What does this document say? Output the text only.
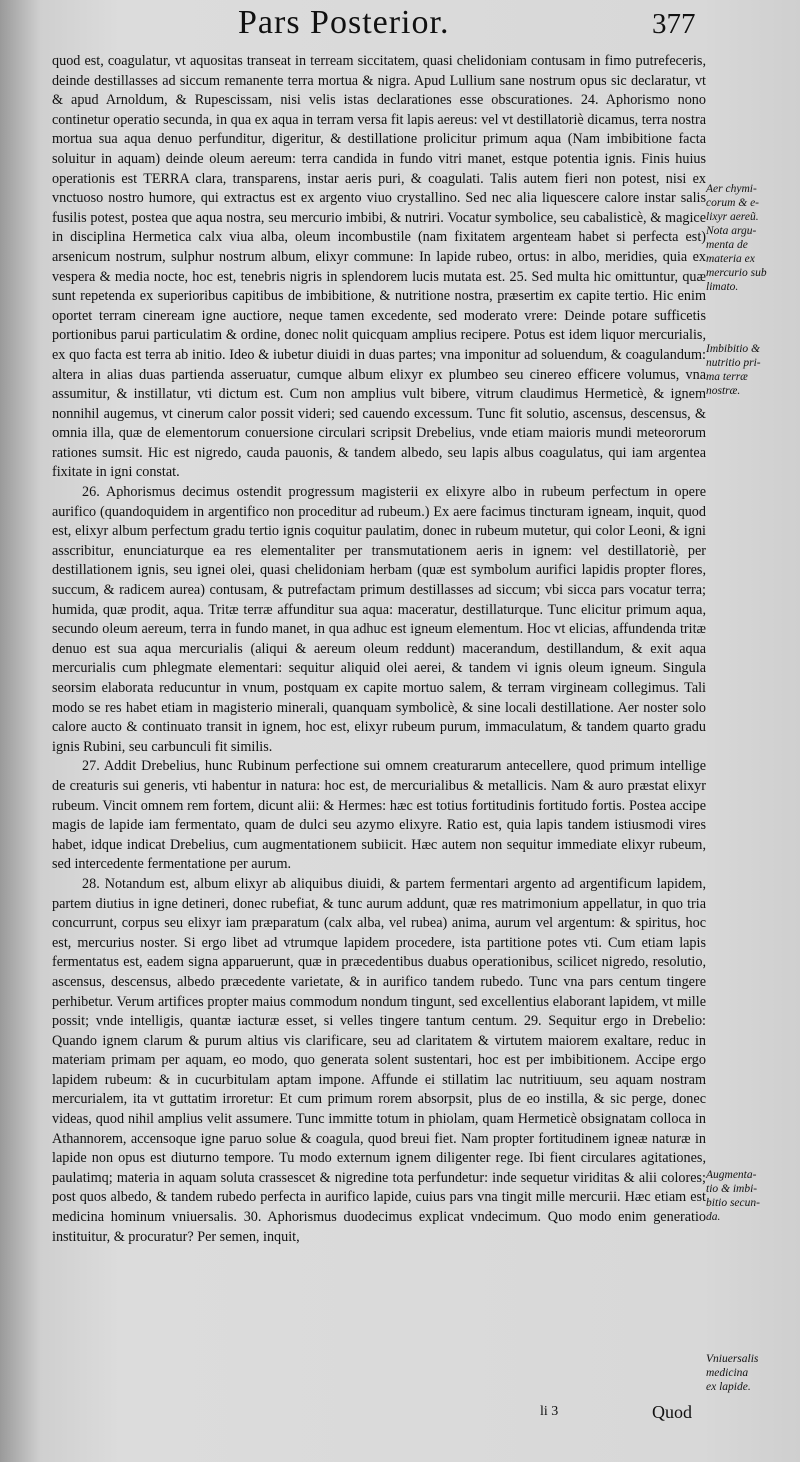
Pars Posterior.	377

quod est, coagulatur, vt aquositas transeat in terream siccitatem, quasi chelidoniam contusam in fimo putrefeceris, deinde destillasses ad siccum remanente terra mortua & nigra. Apud Lullium sane nostrum opus sic declaratur, vt & apud Arnoldum, & Rupescissam, nisi velis istas declarationes esse obscurationes. 24. Aphorismo nono continetur operatio secunda, in qua ex aqua in terram versa fit lapis aereus: vel vt destillatoriè dicamus, terra nostra mortua sua aqua denuo perfunditur, digeritur, & destillatione prolicitur primum aqua (Nam imbibitione facta soluitur in aquam) deinde oleum aereum: terra candida in fundo vitri manet, estque potentia ignis. Finis huius operationis est TERRA clara, transparens, instar aeris puri, & coagulati. Talis autem fieri non potest, nisi ex vnctuoso nostro humore, qui extractus est ex argento viuo crystallino. Sed nec alia liquescere calore instar salis fusilis potest, postea que aqua nostra, seu mercurio imbibi, & nutriri. Vocatur symbolice, seu cabalisticè, & magice in disciplina Hermetica calx viua alba, oleum incombustile (nam fixitatem argenteam habet si perfecta est) arsenicum nostrum, sulphur nostrum album, elixyr commune: In lapide rubeo, ortus: in albo, meridies, quia ex vespera & media nocte, hoc est, tenebris nigris in splendorem lucis mutata est. 25. Sed multa hic omittuntur, quæ sunt repetenda ex superioribus capitibus de imbibitione, & nutritione nostra, præsertim ex capite tertio. Hic enim oportet terram cineream igne auctiore, neque tamen excedente, sed moderato vrere: Deinde potare sufficetis portionibus parui particulatim & ordine, donec nolit quicquam amplius recipere. Potus est idem liquor mercurialis, ex quo facta est terra ab initio. Ideo & iubetur diuidi in duas partes; vna imponitur ad soluendum, & coagulandum: altera in alias duas partienda asseruatur, cumque album elixyr ex plumbeo seu cinereo efficere volumus, vna assumitur, & instillatur, vti dictum est. Cum non amplius vult bibere, vitrum claudimus Hermeticè, & ignem nonnihil augemus, vt cinerum calor possit videri; sed cauendo excessum. Tunc fit solutio, ascensus, descensus, & omnia illa, quæ de elementorum conuersione circulari scripsit Drebelius, vnde etiam maioris mundi meteororum rationes sumsit. Hic est nigredo, cauda pauonis, & tandem albedo, seu lapis albus coagulatus, qui iam argentea fixitate in igni constat.

26. Aphorismus decimus ostendit progressum magisterii ex elixyre albo in rubeum perfectum in opere aurifico (quandoquidem in argentifico non proceditur ad rubeum.) Ex aere facimus tincturam igneam, inquit, quod est, elixyr album perfectum gradu tertio ignis coquitur paulatim, donec in rubeum mutetur, qui color Leoni, & igni asscribitur, enunciaturque ea res elementaliter per transmutationem aeris in ignem: vel destillatoriè, per destillationem ignis, seu ignei olei, quasi chelidoniam herbam (quæ est symbolum aurifici lapidis propter flores, succum, & radicem aurea) contusam, & putrefactam primum destillasses ad siccum; vbi sicca pars vocatur terra; humida, quæ prodit, aqua. Tritæ terræ affunditur sua aqua: maceratur, destillaturque. Tunc elicitur primum aqua, secundo oleum aereum, terra in fundo manet, in qua adhuc est igneum elementum. Hoc vt elicias, affundenda tritæ denuo est sua aqua mercurialis (aliqui & aereum oleum reddunt) macerandum, destillandum, & exit aqua mercurialis cum phlegmate elementari: sequitur aliquid olei aerei, & tandem vi ignis oleum igneum. Singula seorsim elaborata reducuntur in vnum, postquam ex capite mortuo salem, & terram virgineam collegimus. Tali modo se res habet etiam in magisterio minerali, quanquam symbolicè, & sine locali destillatione. Aer noster solo calore aucto & continuato transit in ignem, hoc est, elixyr rubeum purum, immaculatum, & tandem quarto gradu ignis Rubini, seu carbunculi fit similis.

27. Addit Drebelius, hunc Rubinum perfectione sui omnem creaturarum antecellere, quod primum intellige de creaturis sui generis, vti habentur in natura: hoc est, de mercurialibus & metallicis. Nam & auro præstat elixyr rubeum. Vincit omnem rem fortem, dicunt alii: & Hermes: hæc est totius fortitudinis fortitudo fortis. Postea accipe magis de lapide iam fermentato, quam de dulci seu azymo elixyre. Ratio est, quia lapis tandem istiusmodi vires habet, idque indicat Drebelius, cum augmentationem subiicit. Hæc autem non sequitur immediate elixyr rubeum, sed intercedente fermentatione per aurum.

28. Notandum est, album elixyr ab aliquibus diuidi, & partem fermentari argento ad argentificum lapidem, partem diutius in igne detineri, donec rubefiat, & tunc aurum addunt, quæ res matrimonium appellatur, in quo tria concurrunt, corpus seu elixyr iam præparatum (calx alba, vel rubea) anima, aurum vel argentum: & spiritus, hoc est, mercurius noster. Si ergo libet ad vtrumque lapidem procedere, ista partitione potes vti. Cum etiam lapis fermentatus est, eadem signa apparuerunt, quæ in præcedentibus duabus operationibus, scilicet nigredo, resolutio, ascensus, descensus, albedo præcedente varietate, & in aurifico tandem rubedo. Tunc vna pars centum tingere perhibetur. Verum artifices propter maius commodum nondum tingunt, sed excellentius elaborant lapidem, vt mille possit; vnde intelligis, quantæ iacturæ esset, si velles tingere tantum centum. 29. Sequitur ergo in Drebelio: Quando ignem clarum & purum altius vis clarificare, seu ad claritatem & virtutem maiorem exaltare, reduc in materiam primam per aquam, eo modo, quo generata solent sustentari, hoc est per imbibitionem. Accipe ergo lapidem rubeum: & in cucurbitulam aptam impone. Affunde ei stillatim lac nutritiuum, seu aquam nostram mercurialem, ita vt guttatim irroretur: Et cum primum rorem absorpsit, plus de eo instilla, & sic perge, donec videas, quod nihil amplius velit assumere. Tunc immitte totum in phiolam, quam Hermeticè obsignatam colloca in Athannorem, accensoque igne paruo solue & coagula, quod breui fiet. Nam propter fortitudinem igneæ naturæ in lapide non opus est diuturno tempore. Tu modo externum ignem diligenter rege. Ibi fient circulares agitationes, paulatimq; materia in aquam soluta crassescet & nigredine tota perfundetur: inde sequetur viriditas & alii colores; post quos albedo, & tandem rubedo perfecta in aurifico lapide, cuius pars vna tingit mille mercurii. Hæc etiam est medicina hominum vniuersalis. 30. Aphorismus duodecimus explicat vndecimum. Quo modo enim generatio instituitur, & procuratur? Per semen, inquit,

Aer chymi-
corum & e-
lixyr aereũ.
Nota argu-
menta de
materia ex
mercurio sub
limato.
Imbibitio &
nutritio pri-
ma terræ
nostræ.
Augmenta-
tio & imbi-
bitio secun-
da.
Vniuersalis
medicina
ex lapide.
li 3	Quod
